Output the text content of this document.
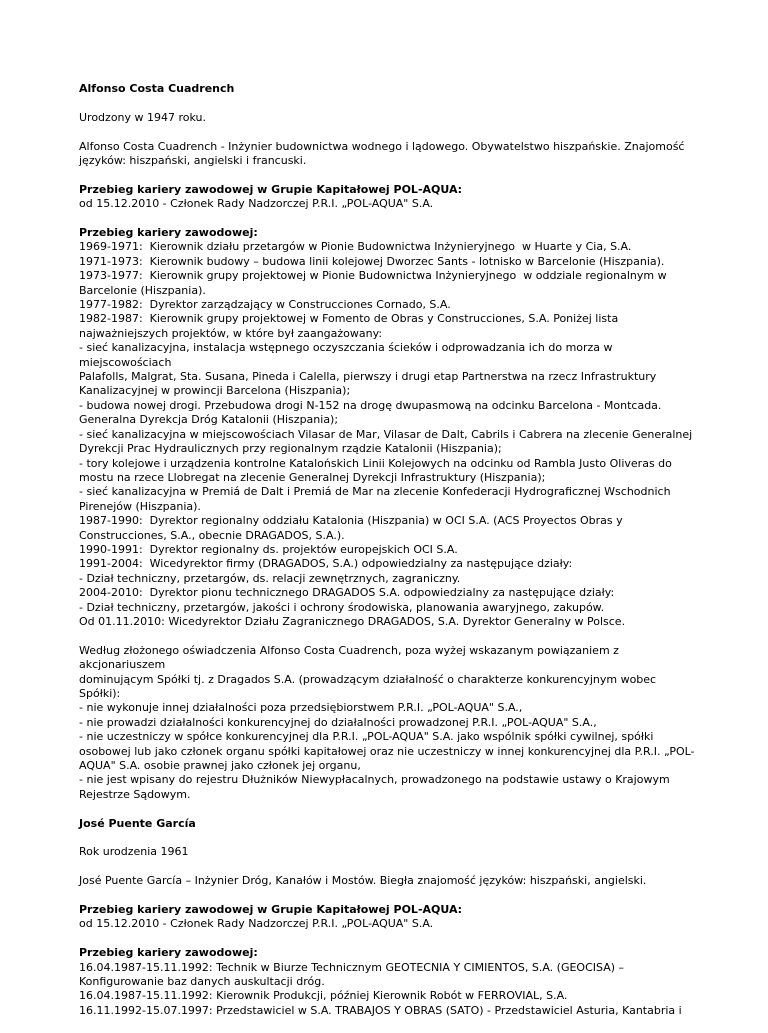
Alfonso Costa Cuadrench
Urodzony w 1947 roku.
Alfonso Costa Cuadrench - Inżynier budownictwa wodnego i lądowego. Obywatelstwo hiszpańskie. Znajomość
języków: hiszpański, angielski i francuski.
Przebieg kariery zawodowej w Grupie Kapitałowej POL-AQUA:
od 15.12.2010 - Członek Rady Nadzorczej P.R.I. „POL-AQUA" S.A.
Przebieg kariery zawodowej:
1969-1971:  Kierownik działu przetargów w Pionie Budownictwa Inżynieryjnego  w Huarte y Cia, S.A.
1971-1973:  Kierownik budowy – budowa linii kolejowej Dworzec Sants - lotnisko w Barcelonie (Hiszpania).
1973-1977:  Kierownik grupy projektowej w Pionie Budownictwa Inżynieryjnego  w oddziale regionalnym w
Barcelonie (Hiszpania).
1977-1982:  Dyrektor zarządzający w Construcciones Cornado, S.A.
1982-1987:  Kierownik grupy projektowej w Fomento de Obras y Construcciones, S.A. Poniżej lista
najważniejszych projektów, w które był zaangażowany:
- sieć kanalizacyjna, instalacja wstępnego oczyszczania ścieków i odprowadzania ich do morza w miejscowościach
Palafolls, Malgrat, Sta. Susana, Pineda i Calella, pierwszy i drugi etap Partnerstwa na rzecz Infrastruktury
Kanalizacyjnej w prowincji Barcelona (Hiszpania);
- budowa nowej drogi. Przebudowa drogi N-152 na drogę dwupasmową na odcinku Barcelona - Montcada.
Generalna Dyrekcja Dróg Katalonii (Hiszpania);
- sieć kanalizacyjna w miejscowościach Vilasar de Mar, Vilasar de Dalt, Cabrils i Cabrera na zlecenie Generalnej
Dyrekcji Prac Hydraulicznych przy regionalnym rządzie Katalonii (Hiszpania);
- tory kolejowe i urządzenia kontrolne Katalońskich Linii Kolejowych na odcinku od Rambla Justo Oliveras do
mostu na rzece Llobregat na zlecenie Generalnej Dyrekcji Infrastruktury (Hiszpania);
- sieć kanalizacyjna w Premiá de Dalt i Premiá de Mar na zlecenie Konfederacji Hydrograficznej Wschodnich
Pirenejów (Hiszpania).
1987-1990:  Dyrektor regionalny oddziału Katalonia (Hiszpania) w OCI S.A. (ACS Proyectos Obras y
Construcciones, S.A., obecnie DRAGADOS, S.A.).
1990-1991:  Dyrektor regionalny ds. projektów europejskich OCI S.A.
1991-2004:  Wicedyrektor firmy (DRAGADOS, S.A.) odpowiedzialny za następujące działy:
- Dział techniczny, przetargów, ds. relacji zewnętrznych, zagraniczny.
2004-2010:  Dyrektor pionu technicznego DRAGADOS S.A. odpowiedzialny za następujące działy:
- Dział techniczny, przetargów, jakości i ochrony środowiska, planowania awaryjnego, zakupów.
Od 01.11.2010: Wicedyrektor Działu Zagranicznego DRAGADOS, S.A. Dyrektor Generalny w Polsce.
Według złożonego oświadczenia Alfonso Costa Cuadrench, poza wyżej wskazanym powiązaniem z akcjonariuszem
dominującym Spółki tj. z Dragados S.A. (prowadzącym działalność o charakterze konkurencyjnym wobec Spółki):
- nie wykonuje innej działalności poza przedsiębiorstwem P.R.I. „POL-AQUA" S.A.,
- nie prowadzi działalności konkurencyjnej do działalności prowadzonej P.R.I. „POL-AQUA" S.A.,
- nie uczestniczy w spółce konkurencyjnej dla P.R.I. „POL-AQUA" S.A. jako wspólnik spółki cywilnej, spółki
osobowej lub jako członek organu spółki kapitałowej oraz nie uczestniczy w innej konkurencyjnej dla P.R.I. „POL-
AQUA" S.A. osobie prawnej jako członek jej organu,
- nie jest wpisany do rejestru Dłużników Niewypłacalnych, prowadzonego na podstawie ustawy o Krajowym
Rejestrze Sądowym.
José Puente García
Rok urodzenia 1961
José Puente García – Inżynier Dróg, Kanałów i Mostów. Biegła znajomość języków: hiszpański, angielski.
Przebieg kariery zawodowej w Grupie Kapitałowej POL-AQUA:
od 15.12.2010 - Członek Rady Nadzorczej P.R.I. „POL-AQUA" S.A.
Przebieg kariery zawodowej:
16.04.1987-15.11.1992: Technik w Biurze Technicznym GEOTECNIA Y CIMIENTOS, S.A. (GEOCISA) –
Konfigurowanie baz danych auskultacji dróg.
16.04.1987-15.11.1992: Kierownik Produkcji, później Kierownik Robót w FERROVIAL, S.A.
16.11.1992-15.07.1997: Przedstawiciel w S.A. TRABAJOS Y OBRAS (SATO) - Przedstawiciel Asturia, Kantabria i
